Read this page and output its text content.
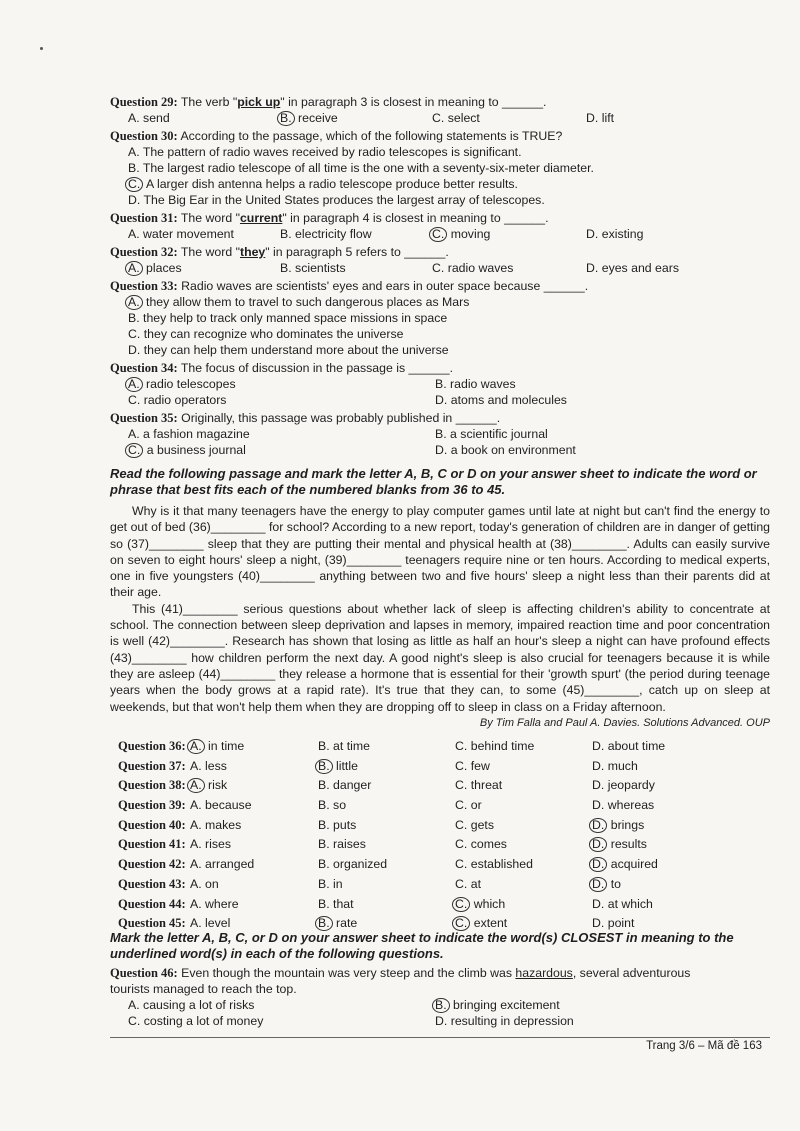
Question 29: The verb "pick up" in paragraph 3 is closest in meaning to ______.
A. send	B. receive	C. select	D. lift
Question 30: According to the passage, which of the following statements is TRUE?
A. The pattern of radio waves received by radio telescopes is significant.
B. The largest radio telescope of all time is the one with a seventy-six-meter diameter.
C. A larger dish antenna helps a radio telescope produce better results.
D. The Big Ear in the United States produces the largest array of telescopes.
Question 31: The word "current" in paragraph 4 is closest in meaning to ______.
A. water movement	B. electricity flow	C. moving	D. existing
Question 32: The word "they" in paragraph 5 refers to ______.
A. places	B. scientists	C. radio waves	D. eyes and ears
Question 33: Radio waves are scientists' eyes and ears in outer space because ______.
A. they allow them to travel to such dangerous places as Mars
B. they help to track only manned space missions in space
C. they can recognize who dominates the universe
D. they can help them understand more about the universe
Question 34: The focus of discussion in the passage is ______.
A. radio telescopes	B. radio waves
C. radio operators	D. atoms and molecules
Question 35: Originally, this passage was probably published in ______.
A. a fashion magazine	B. a scientific journal
C. a business journal	D. a book on environment
Read the following passage and mark the letter A, B, C or D on your answer sheet to indicate the word or phrase that best fits each of the numbered blanks from 36 to 45.

Why is it that many teenagers have the energy to play computer games until late at night but can't find the energy to get out of bed (36)________ for school? According to a new report, today's generation of children are in danger of getting so (37)________ sleep that they are putting their mental and physical health at (38)________. Adults can easily survive on seven to eight hours' sleep a night, (39)________ teenagers require nine or ten hours. According to medical experts, one in five youngsters (40)________ anything between two and five hours' sleep a night less than their parents did at their age.

This (41)________ serious questions about whether lack of sleep is affecting children's ability to concentrate at school. The connection between sleep deprivation and lapses in memory, impaired reaction time and poor concentration is well (42)________. Research has shown that losing as little as half an hour's sleep a night can have profound effects (43)________ how children perform the next day. A good night's sleep is also crucial for teenagers because it is while they are asleep (44)________ they release a hormone that is essential for their 'growth spurt' (the period during teenage years when the body grows at a rapid rate). It's true that they can, to some (45)________, catch up on sleep at weekends, but that won't help them when they are dropping off to sleep in class on a Friday afternoon.

By Tim Falla and Paul A. Davies. Solutions Advanced. OUP
Question 36: A. in time	B. at time	C. behind time	D. about time
Question 37: A. less	B. little	C. few	D. much
Question 38: A. risk	B. danger	C. threat	D. jeopardy
Question 39: A. because	B. so	C. or	D. whereas
Question 40: A. makes	B. puts	C. gets	D. brings
Question 41: A. rises	B. raises	C. comes	D. results
Question 42: A. arranged	B. organized	C. established	D. acquired
Question 43: A. on	B. in	C. at	D. to
Question 44: A. where	B. that	C. which	D. at which
Question 45: A. level	B. rate	C. extent	D. point
Mark the letter A, B, C, or D on your answer sheet to indicate the word(s) CLOSEST in meaning to the underlined word(s) in each of the following questions.
Question 46: Even though the mountain was very steep and the climb was hazardous, several adventurous
tourists managed to reach the top.
A. causing a lot of risks	B. bringing excitement
C. costing a lot of money	D. resulting in depression
Trang 3/6 – Mã đề 163
